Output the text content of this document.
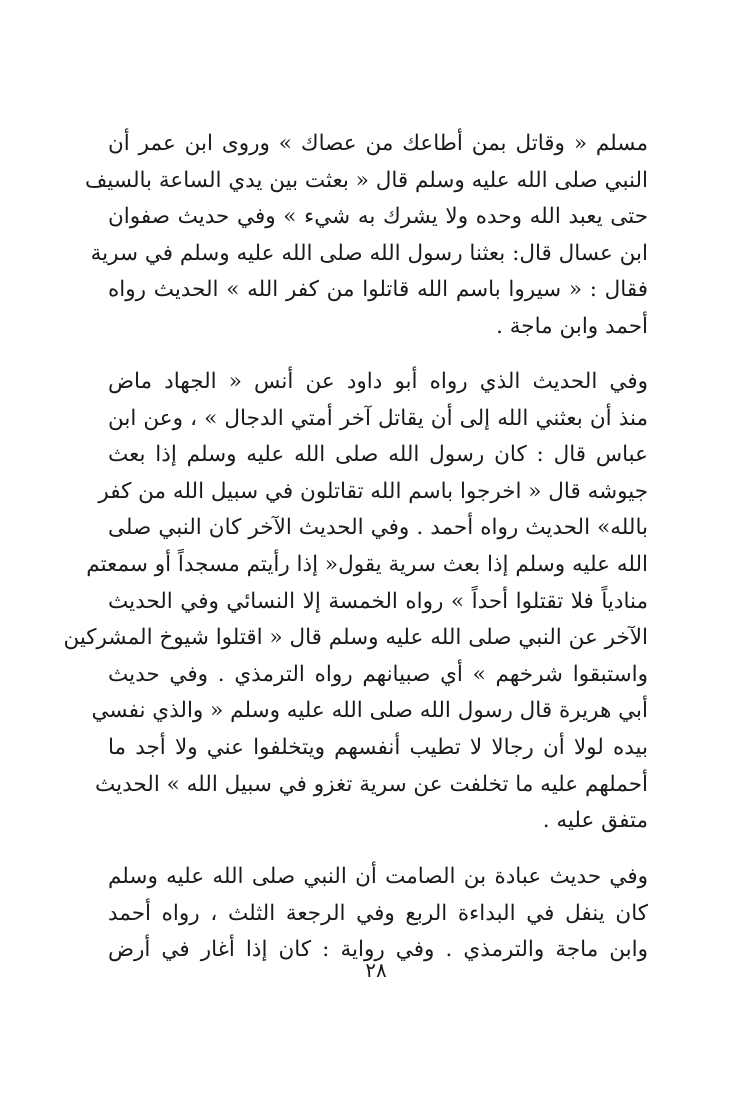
مسلم « وقاتل بمن أطاعك من عصاك » وروى ابن عمر أن
النبي صلى الله عليه وسلم قال « بعثت بين يدي الساعة بالسيف
حتى يعبد الله وحده ولا يشرك به شيء » وفي حديث صفوان
ابن عسال قال: بعثنا رسول الله صلى الله عليه وسلم في سرية
فقال : « سيروا باسم الله قاتلوا من كفر الله » الحديث رواه
أحمد وابن ماجة .
وفي الحديث الذي رواه أبو داود عن أنس « الجهاد ماض
منذ أن بعثني الله إلى أن يقاتل آخر أمتي الدجال » ، وعن ابن
عباس قال : كان رسول الله صلى الله عليه وسلم إذا بعث
جيوشه قال « اخرجوا باسم الله تقاتلون في سبيل الله من كفر
بالله» الحديث رواه أحمد . وفي الحديث الآخر كان النبي صلى
الله عليه وسلم إذا بعث سرية يقول« إذا رأيتم مسجداً أو سمعتم
منادياً فلا تقتلوا أحداً » رواه الخمسة إلا النسائي وفي الحديث
الآخر عن النبي صلى الله عليه وسلم قال « اقتلوا شيوخ المشركين
واستبقوا شرخهم » أي صبيانهم رواه الترمذي . وفي حديث
أبي هريرة قال رسول الله صلى الله عليه وسلم « والذي نفسي
بيده لولا أن رجالا لا تطيب أنفسهم ويتخلفوا عني ولا أجد ما
أحملهم عليه ما تخلفت عن سرية تغزو في سبيل الله » الحديث
متفق عليه .
وفي حديث عبادة بن الصامت أن النبي صلى الله عليه وسلم
كان ينفل في البداءة الربع وفي الرجعة الثلث ، رواه أحمد
وابن ماجة والترمذي . وفي رواية : كان إذا أغار في أرض
٢٨
